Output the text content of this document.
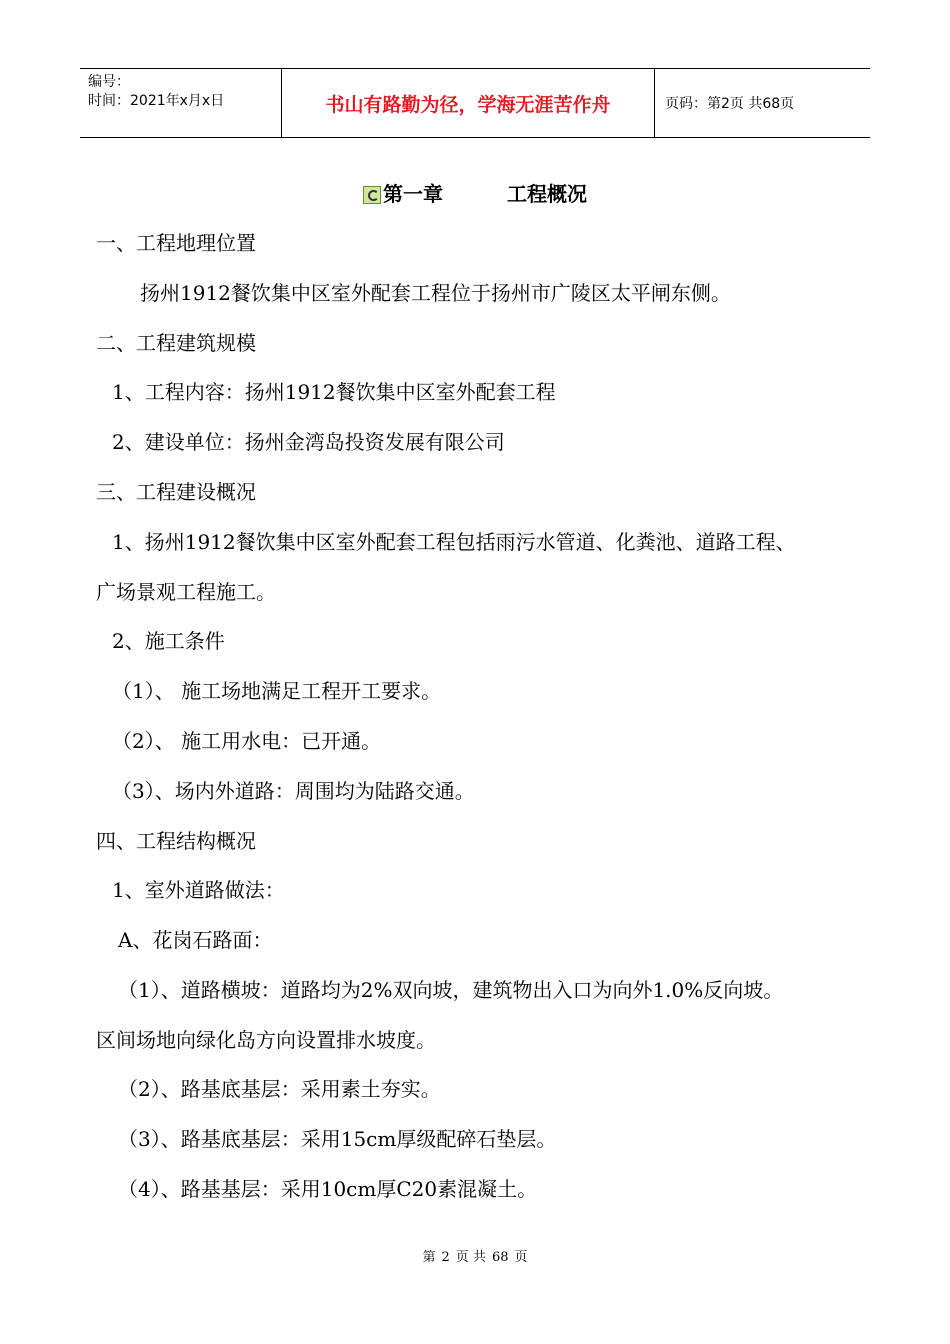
编号：
时间：2021年x月x日	书山有路勤为径，学海无涯苦作舟	页码：第2页 共68页
第一章	工程概况
一、工程地理位置
扬州1912餐饮集中区室外配套工程位于扬州市广陵区太平闸东侧。
二、工程建筑规模
1、工程内容：扬州1912餐饮集中区室外配套工程
2、建设单位：扬州金湾岛投资发展有限公司
三、工程建设概况
1、扬州1912餐饮集中区室外配套工程包括雨污水管道、化粪池、道路工程、
广场景观工程施工。
2、施工条件
（1）、 施工场地满足工程开工要求。
（2）、 施工用水电：已开通。
（3）、场内外道路：周围均为陆路交通。
四、工程结构概况
1、室外道路做法：
A、花岗石路面：
（1）、道路横坡：道路均为2%双向坡，建筑物出入口为向外1.0%反向坡。
区间场地向绿化岛方向设置排水坡度。
（2）、路基底基层：采用素土夯实。
（3）、路基底基层：采用15cm厚级配碎石垫层。
（4）、路基基层：采用10cm厚C20素混凝土。
第 2 页 共 68 页
